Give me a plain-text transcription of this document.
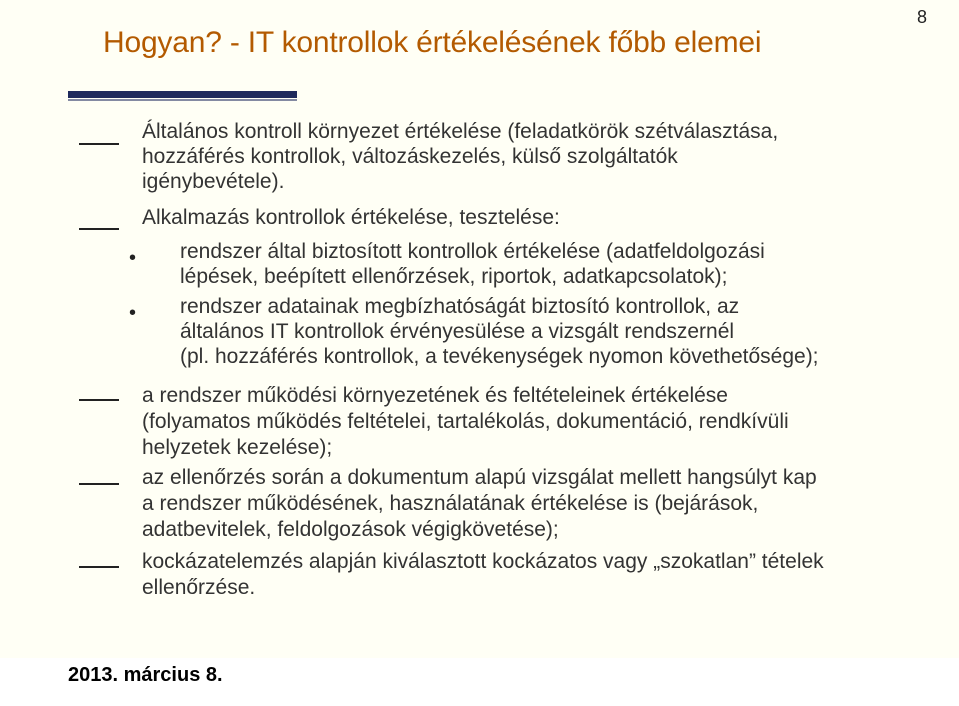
8
Hogyan? - IT kontrollok értékelésének főbb elemei
Általános kontroll környezet értékelése (feladatkörök szétválasztása,
hozzáférés kontrollok, változáskezelés, külső szolgáltatók
igénybevétele).
Alkalmazás kontrollok értékelése, tesztelése:
• rendszer által biztosított kontrollok értékelése (adatfeldolgozási
lépések, beépített ellenőrzések, riportok, adatkapcsolatok);
• rendszer adatainak megbízhatóságát biztosító kontrollok, az
általános IT kontrollok érvényesülése a vizsgált rendszernél
(pl. hozzáférés kontrollok, a tevékenységek nyomon követhetősége);
a rendszer működési környezetének és feltételeinek értékelése
(folyamatos működés feltételei, tartalékolás, dokumentáció, rendkívüli
helyzetek kezelése);
az ellenőrzés során a dokumentum alapú vizsgálat mellett hangsúlyt kap
a rendszer működésének, használatának értékelése is (bejárások,
adatbevitelek, feldolgozások végigkövetése);
kockázatelemzés alapján kiválasztott kockázatos vagy „szokatlan” tételek
ellenőrzése.
2013. március 8.
